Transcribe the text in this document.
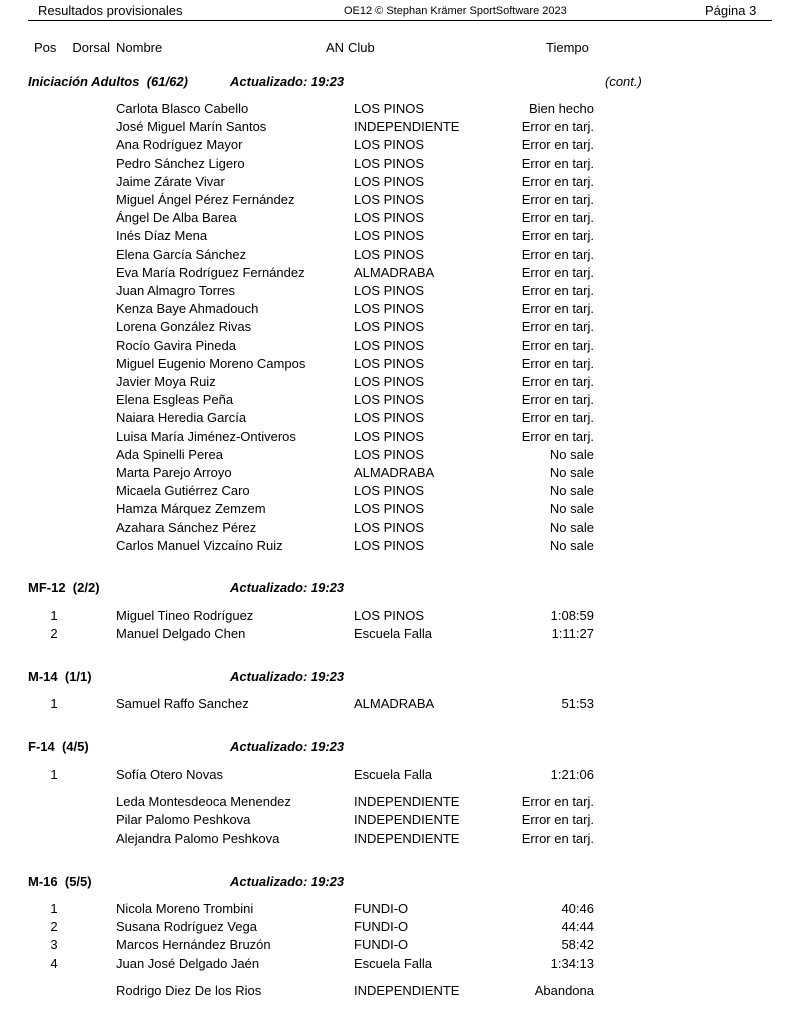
Resultados provisionales	OE12 © Stephan Krämer SportSoftware 2023	Página 3
Pos	Dorsal Nombre	AN Club	Tiempo
Iniciación Adultos (61/62)	Actualizado: 19:23	(cont.)
Carlota Blasco Cabello	LOS PINOS	Bien hecho
José Miguel Marín Santos	INDEPENDIENTE	Error en tarj.
Ana Rodríguez Mayor	LOS PINOS	Error en tarj.
Pedro Sánchez Ligero	LOS PINOS	Error en tarj.
Jaime Zárate Vivar	LOS PINOS	Error en tarj.
Miguel Ángel Pérez Fernández	LOS PINOS	Error en tarj.
Ángel De Alba Barea	LOS PINOS	Error en tarj.
Inés Díaz Mena	LOS PINOS	Error en tarj.
Elena García Sánchez	LOS PINOS	Error en tarj.
Eva María Rodríguez Fernández	ALMADRABA	Error en tarj.
Juan Almagro Torres	LOS PINOS	Error en tarj.
Kenza Baye Ahmadouch	LOS PINOS	Error en tarj.
Lorena González Rivas	LOS PINOS	Error en tarj.
Rocío Gavira Pineda	LOS PINOS	Error en tarj.
Miguel Eugenio Moreno Campos	LOS PINOS	Error en tarj.
Javier Moya Ruiz	LOS PINOS	Error en tarj.
Elena Esgleas Peña	LOS PINOS	Error en tarj.
Naiara Heredia García	LOS PINOS	Error en tarj.
Luisa María Jiménez-Ontiveros	LOS PINOS	Error en tarj.
Ada Spinelli Perea	LOS PINOS	No sale
Marta Parejo Arroyo	ALMADRABA	No sale
Micaela Gutiérrez Caro	LOS PINOS	No sale
Hamza Márquez Zemzem	LOS PINOS	No sale
Azahara Sánchez Pérez	LOS PINOS	No sale
Carlos Manuel Vizcaíno Ruiz	LOS PINOS	No sale
MF-12 (2/2)	Actualizado: 19:23
1	Miguel Tineo Rodríguez	LOS PINOS	1:08:59
2	Manuel Delgado Chen	Escuela Falla	1:11:27
M-14 (1/1)	Actualizado: 19:23
1	Samuel Raffo Sanchez	ALMADRABA	51:53
F-14 (4/5)	Actualizado: 19:23
1	Sofía Otero Novas	Escuela Falla	1:21:06
Leda Montesdeoca Menendez	INDEPENDIENTE	Error en tarj.
Pilar Palomo Peshkova	INDEPENDIENTE	Error en tarj.
Alejandra Palomo Peshkova	INDEPENDIENTE	Error en tarj.
M-16 (5/5)	Actualizado: 19:23
1	Nicola Moreno Trombini	FUNDI-O	40:46
2	Susana Rodríguez Vega	FUNDI-O	44:44
3	Marcos Hernández Bruzón	FUNDI-O	58:42
4	Juan José Delgado Jaén	Escuela Falla	1:34:13
Rodrigo Diez De los Rios	INDEPENDIENTE	Abandona
